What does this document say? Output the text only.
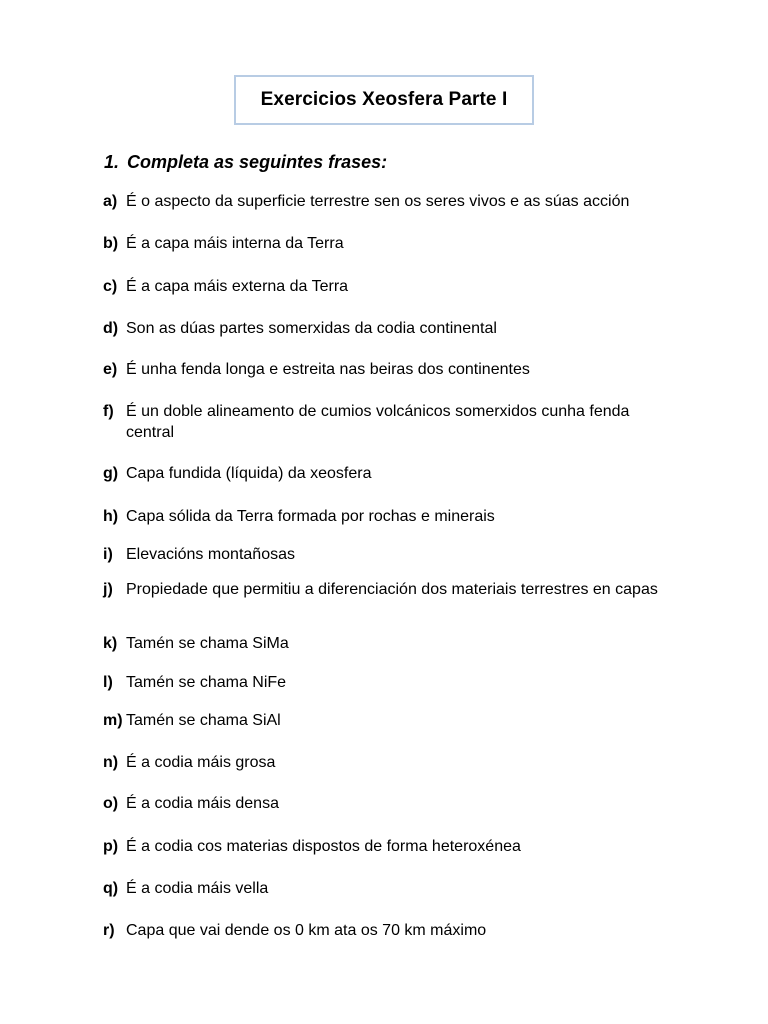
Exercicios Xeosfera Parte I
1. Completa as seguintes frases:
a) É o aspecto da superficie terrestre sen os seres vivos e as súas acción
b) É a capa máis interna da Terra
c) É a capa máis externa da Terra
d) Son as dúas partes somerxidas da codia continental
e) É unha fenda longa e estreita nas beiras dos continentes
f) É un doble alineamento de cumios volcánicos somerxidos cunha fenda central
g) Capa fundida (líquida) da xeosfera
h) Capa sólida da Terra formada por rochas e minerais
i) Elevacións montañosas
j) Propiedade que permitiu a diferenciación dos materiais terrestres en capas
k) Tamén se chama SiMa
l) Tamén se chama NiFe
m) Tamén se chama SiAl
n) É a codia máis grosa
o) É a codia máis densa
p) É a codia cos materias dispostos de forma heteroxénea
q) É a codia máis vella
r) Capa que vai dende os 0 km ata os 70 km máximo
